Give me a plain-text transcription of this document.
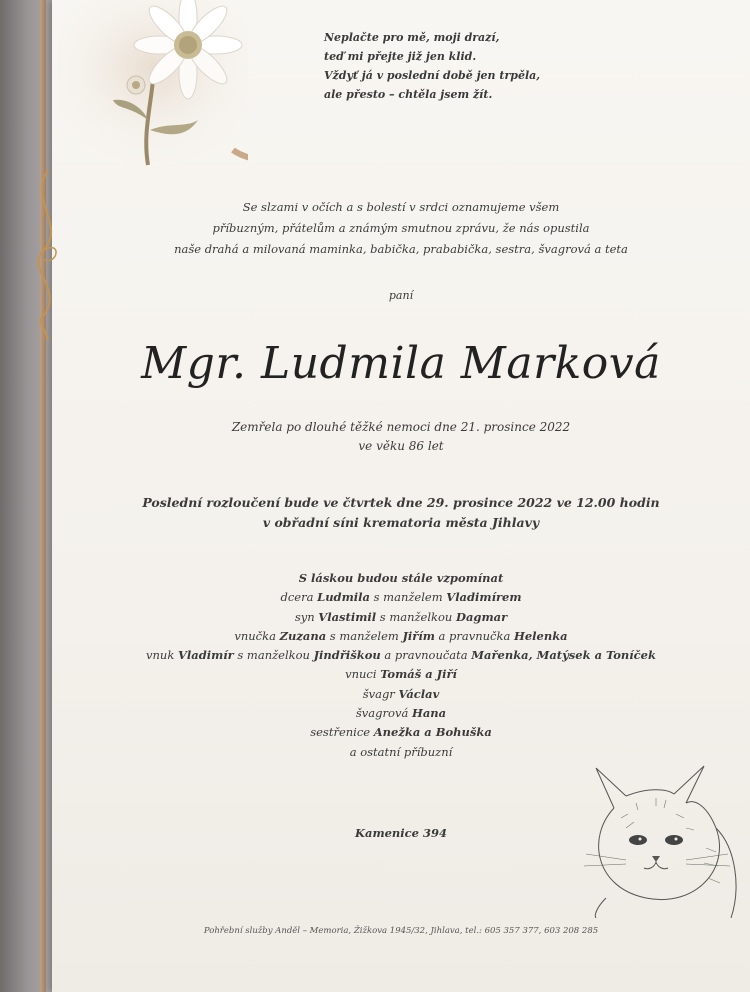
Neplačte pro mě, moji drazí,
teď mi přejte již jen klid.
Vždyť já v poslední době jen trpěla,
ale přesto – chtěla jsem žít.
Se slzami v očích a s bolestí v srdci oznamujeme všem
příbuzným, přátelům a známým smutnou zprávu, že nás opustila
naše drahá a milovaná maminka, babička, prababička, sestra, švagrová a teta
paní
Mgr. Ludmila Marková
Zemřela po dlouhé těžké nemoci dne 21. prosince 2022
ve věku 86 let
Poslední rozloučení bude ve čtvrtek dne 29. prosince 2022 ve 12.00 hodin
v obřadní síni krematoria města Jihlavy
S láskou budou stále vzpomínat
dcera Ludmila s manželem Vladimírem
syn Vlastimil s manželkou Dagmar
vnučka Zuzana s manželem Jiřím a pravnučka Helenka
vnuk Vladimír s manželkou Jindřiškou a pravnoučata Mařenka, Matýsek a Toníček
vnuci Tomáš a Jiří
švagr Václav
švagrová Hana
sestřenice Anežka a Bohuška
a ostatní příbuzní
Kamenice 394
Pohřební služby Anděl – Memoria, Žižkova 1945/32, Jihlava, tel.: 605 357 377, 603 208 285
